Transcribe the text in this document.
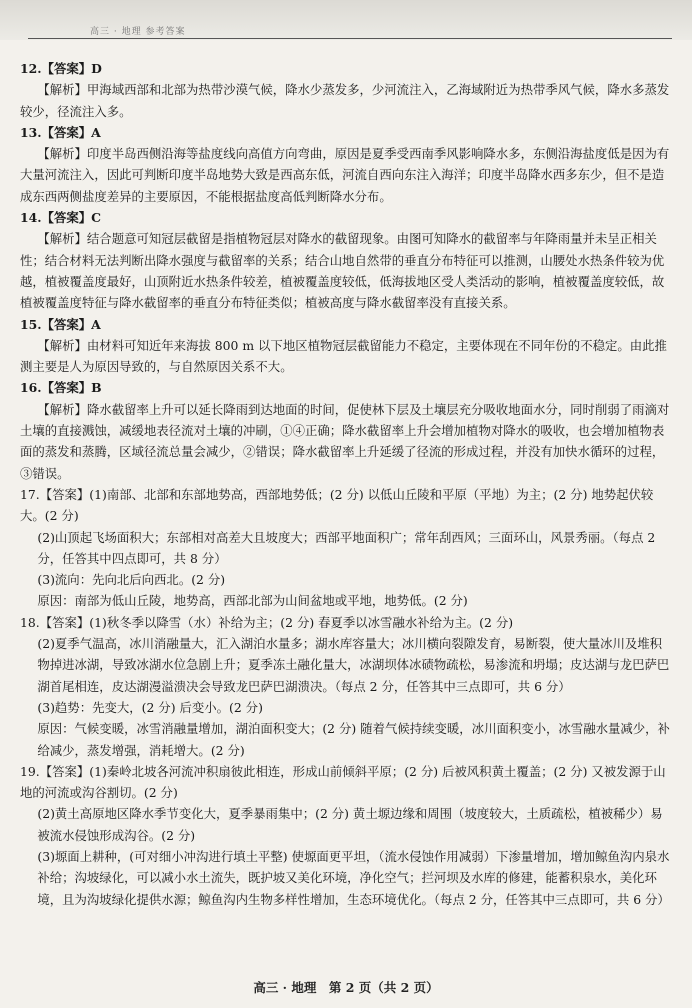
高三 · 地理 参考答案
12.【答案】D
【解析】甲海域西部和北部为热带沙漠气候，降水少蒸发多，少河流注入，乙海域附近为热带季风气候，降水多蒸发较少，径流注入多。
13.【答案】A
【解析】印度半岛西侧沿海等盐度线向高值方向弯曲，原因是夏季受西南季风影响降水多，东侧沿海盐度低是因为有大量河流注入，因此可判断印度半岛地势大致是西高东低，河流自西向东注入海洋；印度半岛降水西多东少，但不是造成东西两侧盐度差异的主要原因，不能根据盐度高低判断降水分布。
14.【答案】C
【解析】结合题意可知冠层截留是指植物冠层对降水的截留现象。由图可知降水的截留率与年降雨量并未呈正相关性；结合材料无法判断出降水强度与截留率的关系；结合山地自然带的垂直分布特征可以推测，山腰处水热条件较为优越，植被覆盖度最好，山顶附近水热条件较差，植被覆盖度较低，低海拔地区受人类活动的影响，植被覆盖度较低，故植被覆盖度特征与降水截留率的垂直分布特征类似；植被高度与降水截留率没有直接关系。
15.【答案】A
【解析】由材料可知近年来海拔 800 m 以下地区植物冠层截留能力不稳定，主要体现在不同年份的不稳定。由此推测主要是人为原因导致的，与自然原因关系不大。
16.【答案】B
【解析】降水截留率上升可以延长降雨到达地面的时间，促使林下层及土壤层充分吸收地面水分，同时削弱了雨滴对土壤的直接溅蚀，减缓地表径流对土壤的冲刷，①④正确；降水截留率上升会增加植物对降水的吸收，也会增加植物表面的蒸发和蒸腾，区域径流总量会减少，②错误；降水截留率上升延缓了径流的形成过程，并没有加快水循环的过程，③错误。
17.【答案】(1)南部、北部和东部地势高，西部地势低；(2 分) 以低山丘陵和平原（平地）为主；(2 分) 地势起伏较大。(2 分)
(2)山顶起飞场面积大；东部相对高差大且坡度大；西部平地面积广；常年刮西风；三面环山，风景秀丽。（每点 2 分，任答其中四点即可，共 8 分）
(3)流向：先向北后向西北。(2 分)
原因：南部为低山丘陵，地势高，西部北部为山间盆地或平地，地势低。(2 分)
18.【答案】(1)秋冬季以降雪（水）补给为主；(2 分) 春夏季以冰雪融水补给为主。(2 分)
(2)夏季气温高，冰川消融量大，汇入湖泊水量多；湖水库容量大；冰川横向裂隙发育，易断裂，使大量冰川及堆积物掉进冰湖，导致冰湖水位急剧上升；夏季冻土融化量大，冰湖坝体冰碛物疏松，易渗流和坍塌；皮达湖与龙巴萨巴湖首尾相连，皮达湖漫溢溃决会导致龙巴萨巴湖溃决。（每点 2 分，任答其中三点即可，共 6 分）
(3)趋势：先变大，(2 分) 后变小。(2 分)
原因：气候变暖，冰雪消融量增加，湖泊面积变大；(2 分) 随着气候持续变暖，冰川面积变小，冰雪融水量减少，补给减少，蒸发增强，消耗增大。(2 分)
19.【答案】(1)秦岭北坡各河流冲积扇彼此相连，形成山前倾斜平原；(2 分) 后被风积黄土覆盖；(2 分) 又被发源于山地的河流或沟谷割切。(2 分)
(2)黄土高原地区降水季节变化大，夏季暴雨集中；(2 分) 黄土塬边缘和周围（坡度较大，土质疏松，植被稀少）易被流水侵蚀形成沟谷。(2 分)
(3)塬面上耕种，(可对细小冲沟进行填土平整) 使塬面更平坦，（流水侵蚀作用减弱）下渗量增加，增加鲸鱼沟内泉水补给；沟坡绿化，可以减小水土流失，既护坡又美化环境，净化空气；拦河坝及水库的修建，能蓄积泉水，美化环境，且为沟坡绿化提供水源；鲸鱼沟内生物多样性增加，生态环境优化。（每点 2 分，任答其中三点即可，共 6 分）
高三 · 地理　第 2 页（共 2 页）
